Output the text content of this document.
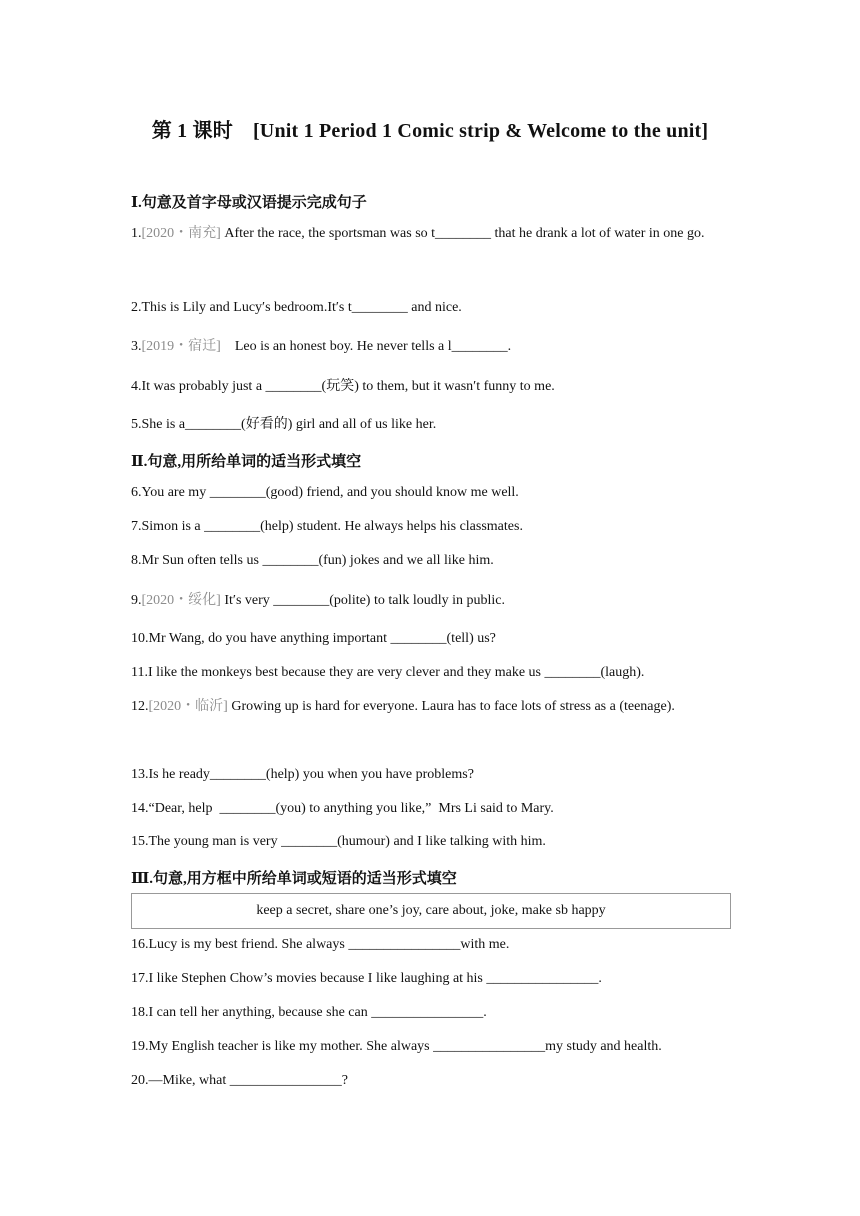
第 1 课时 [Unit 1 Period 1 Comic strip & Welcome to the unit]
Ⅰ.句意及首字母或汉语提示完成句子
1.[2020・南充] After the race, the sportsman was so t________ that he drank a lot of water in one go.
2.This is Lily and Lucy′s bedroom.It′s t________ and nice.
3.[2019・宿迁]    Leo is an honest boy. He never tells a l________.
4.It was probably just a ________(玩笑) to them, but it wasn′t funny to me.
5.She is a________(好看的) girl and all of us like her.
Ⅱ.句意,用所给单词的适当形式填空
6.You are my ________(good) friend, and you should know me well.
7.Simon is a ________(help) student. He always helps his classmates.
8.Mr Sun often tells us ________(fun) jokes and we all like him.
9.[2020・绥化] It′s very ________(polite) to talk loudly in public.
10.Mr Wang, do you have anything important ________(tell) us?
11.I like the monkeys best because they are very clever and they make us ________(laugh).
12.[2020・临沂] Growing up is hard for everyone. Laura has to face lots of stress as a (teenage).
13.Is he ready________(help) you when you have problems?
14.“Dear, help  ________(you) to anything you like,”  Mrs Li said to Mary.
15.The young man is very ________(humour) and I like talking with him.
Ⅲ.句意,用方框中所给单词或短语的适当形式填空
keep a secret, share one’s joy, care about, joke, make sb happy
16.Lucy is my best friend. She always ________________with me.
17.I like Stephen Chow’s movies because I like laughing at his ________________.
18.I can tell her anything, because she can ________________.
19.My English teacher is like my mother. She always ________________my study and health.
20.—Mike, what ________________?
